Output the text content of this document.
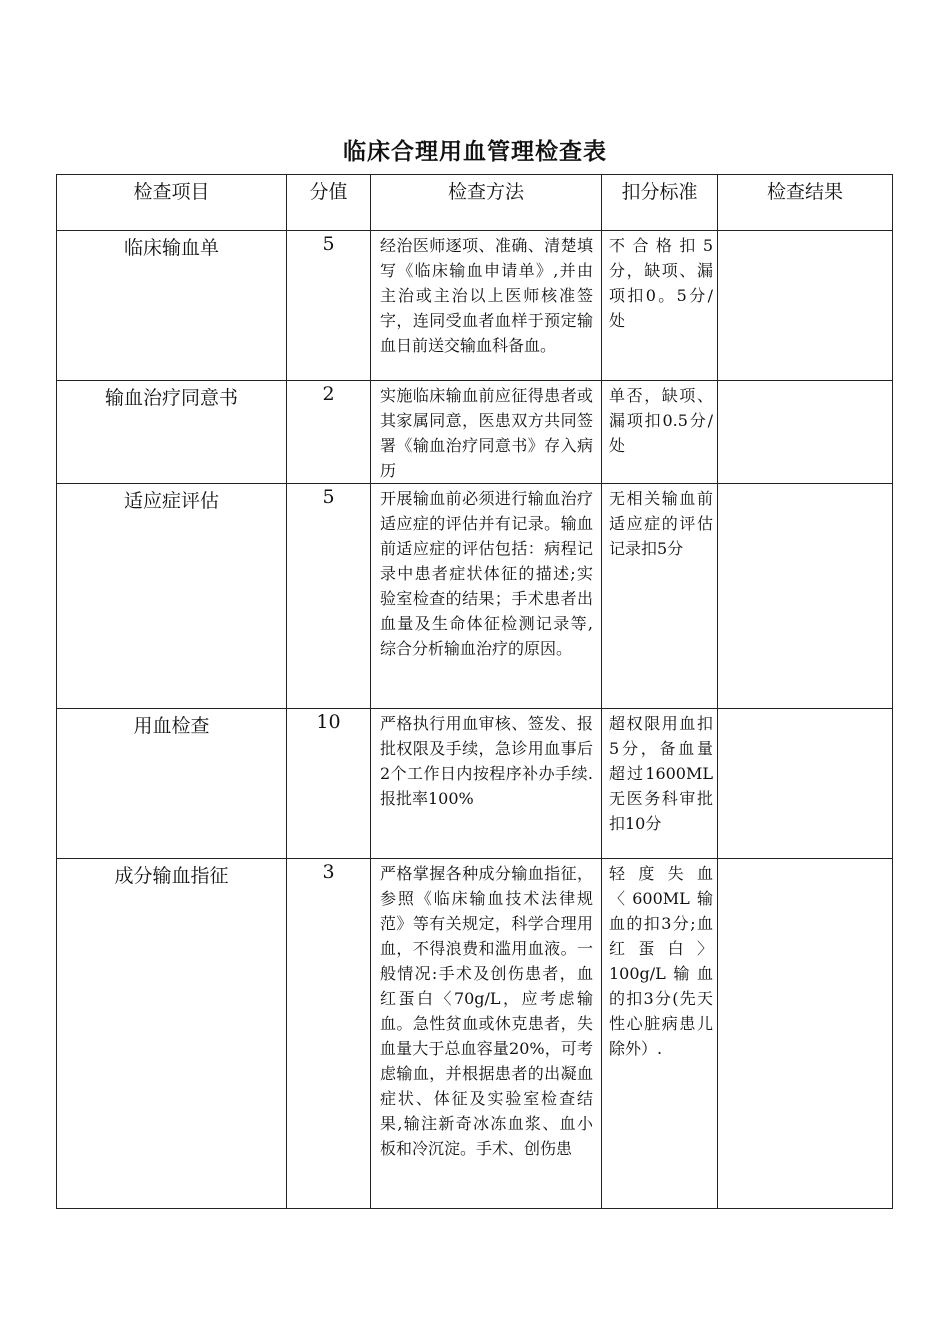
临床合理用血管理检查表
检查项目	分值	检查方法	扣分标准	检查结果
临床输血单	5	经治医师逐项、准确、清楚填写《临床输血申请单》,并由主治或主治以上医师核准签字，连同受血者血样于预定输血日前送交输血科备血。	不合格扣5分，缺项、漏项扣0。5分/处	
输血治疗同意书	2	实施临床输血前应征得患者或其家属同意，医患双方共同签署《输血治疗同意书》存入病历	单否，缺项、漏项扣0.5分/处	
适应症评估	5	开展输血前必须进行输血治疗适应症的评估并有记录。输血前适应症的评估包括：病程记录中患者症状体征的描述;实验室检查的结果；手术患者出血量及生命体征检测记录等,综合分析输血治疗的原因。	无相关输血前适应症的评估记录扣5分	
用血检查	10	严格执行用血审核、签发、报批权限及手续，急诊用血事后2个工作日内按程序补办手续.报批率100%	超权限用血扣5分，备血量超过1600ML无医务科审批扣10分	
成分输血指征	3	严格掌握各种成分输血指征，参照《临床输血技术法律规范》等有关规定，科学合理用血，不得浪费和滥用血液。一般情况:手术及创伤患者，血红蛋白〈70g/L，应考虑输血。急性贫血或休克患者，失血量大于总血容量20%，可考虑输血，并根据患者的出凝血症状、体征及实验室检查结果,输注新奇冰冻血浆、血小板和冷沉淀。手术、创伤患	轻度失血〈600ML输血的扣3分;血红蛋白〉100g/L输血的扣3分(先天性心脏病患儿除外）.	
